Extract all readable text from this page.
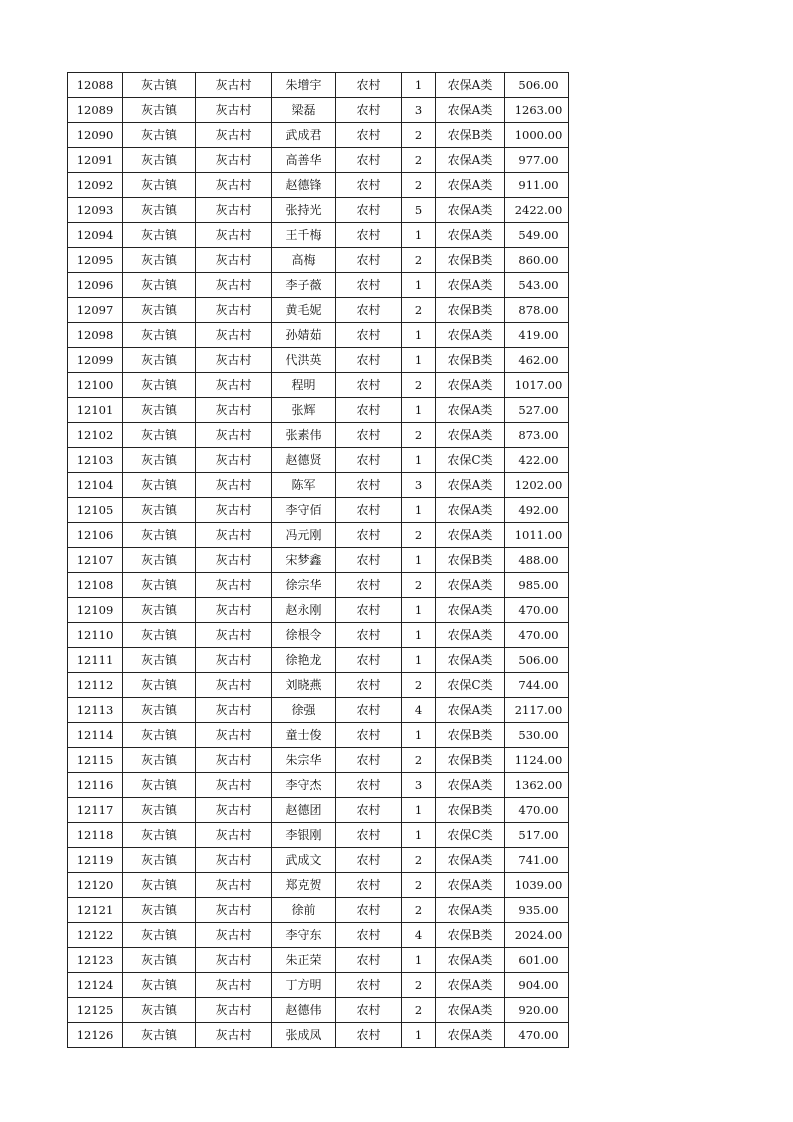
12088	灰古镇	灰古村	朱增宇	农村	1	农保A类	506.00
12089	灰古镇	灰古村	梁磊	农村	3	农保A类	1263.00
12090	灰古镇	灰古村	武成君	农村	2	农保B类	1000.00
12091	灰古镇	灰古村	高善华	农村	2	农保A类	977.00
12092	灰古镇	灰古村	赵德锋	农村	2	农保A类	911.00
12093	灰古镇	灰古村	张持光	农村	5	农保A类	2422.00
12094	灰古镇	灰古村	王千梅	农村	1	农保A类	549.00
12095	灰古镇	灰古村	高梅	农村	2	农保B类	860.00
12096	灰古镇	灰古村	李子薇	农村	1	农保A类	543.00
12097	灰古镇	灰古村	黄毛妮	农村	2	农保B类	878.00
12098	灰古镇	灰古村	孙婧茹	农村	1	农保A类	419.00
12099	灰古镇	灰古村	代洪英	农村	1	农保B类	462.00
12100	灰古镇	灰古村	程明	农村	2	农保A类	1017.00
12101	灰古镇	灰古村	张辉	农村	1	农保A类	527.00
12102	灰古镇	灰古村	张素伟	农村	2	农保A类	873.00
12103	灰古镇	灰古村	赵德贤	农村	1	农保C类	422.00
12104	灰古镇	灰古村	陈军	农村	3	农保A类	1202.00
12105	灰古镇	灰古村	李守佰	农村	1	农保A类	492.00
12106	灰古镇	灰古村	冯元刚	农村	2	农保A类	1011.00
12107	灰古镇	灰古村	宋梦鑫	农村	1	农保B类	488.00
12108	灰古镇	灰古村	徐宗华	农村	2	农保A类	985.00
12109	灰古镇	灰古村	赵永刚	农村	1	农保A类	470.00
12110	灰古镇	灰古村	徐根令	农村	1	农保A类	470.00
12111	灰古镇	灰古村	徐艳龙	农村	1	农保A类	506.00
12112	灰古镇	灰古村	刘晓燕	农村	2	农保C类	744.00
12113	灰古镇	灰古村	徐强	农村	4	农保A类	2117.00
12114	灰古镇	灰古村	童士俊	农村	1	农保B类	530.00
12115	灰古镇	灰古村	朱宗华	农村	2	农保B类	1124.00
12116	灰古镇	灰古村	李守杰	农村	3	农保A类	1362.00
12117	灰古镇	灰古村	赵德团	农村	1	农保B类	470.00
12118	灰古镇	灰古村	李银刚	农村	1	农保C类	517.00
12119	灰古镇	灰古村	武成文	农村	2	农保A类	741.00
12120	灰古镇	灰古村	郑克贺	农村	2	农保A类	1039.00
12121	灰古镇	灰古村	徐前	农村	2	农保A类	935.00
12122	灰古镇	灰古村	李守东	农村	4	农保B类	2024.00
12123	灰古镇	灰古村	朱正荣	农村	1	农保A类	601.00
12124	灰古镇	灰古村	丁方明	农村	2	农保A类	904.00
12125	灰古镇	灰古村	赵德伟	农村	2	农保A类	920.00
12126	灰古镇	灰古村	张成凤	农村	1	农保A类	470.00
